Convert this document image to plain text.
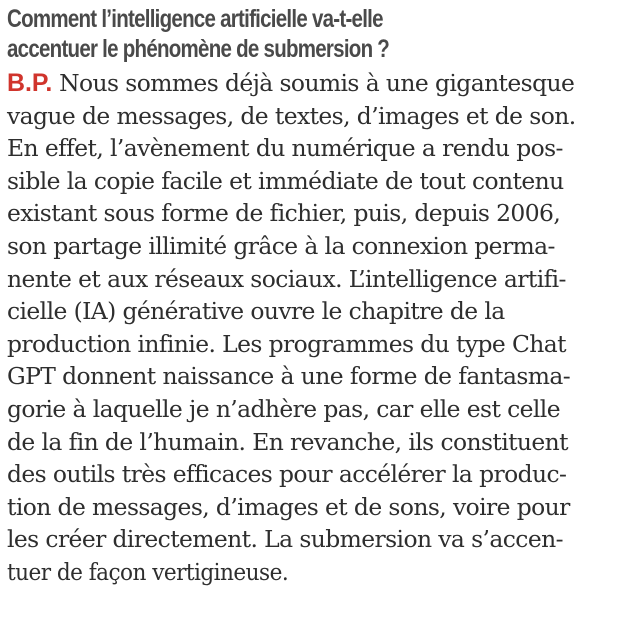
Comment l’intelligence artificielle va-t-elle
accentuer le phénomène de submersion ?
B.P. Nous sommes déjà soumis à une gigantesque
vague de messages, de textes, d’images et de son.
En effet, l’avènement du numérique a rendu pos-
sible la copie facile et immédiate de tout contenu
existant sous forme de fichier, puis, depuis 2006,
son partage illimité grâce à la connexion perma-
nente et aux réseaux sociaux. L’intelligence artifi-
cielle (IA) générative ouvre le chapitre de la
production infinie. Les programmes du type Chat
GPT donnent naissance à une forme de fantasma-
gorie à laquelle je n’adhère pas, car elle est celle
de la fin de l’humain. En revanche, ils constituent
des outils très efficaces pour accélérer la produc-
tion de messages, d’images et de sons, voire pour
les créer directement. La submersion va s’accen-
tuer de façon vertigineuse.
